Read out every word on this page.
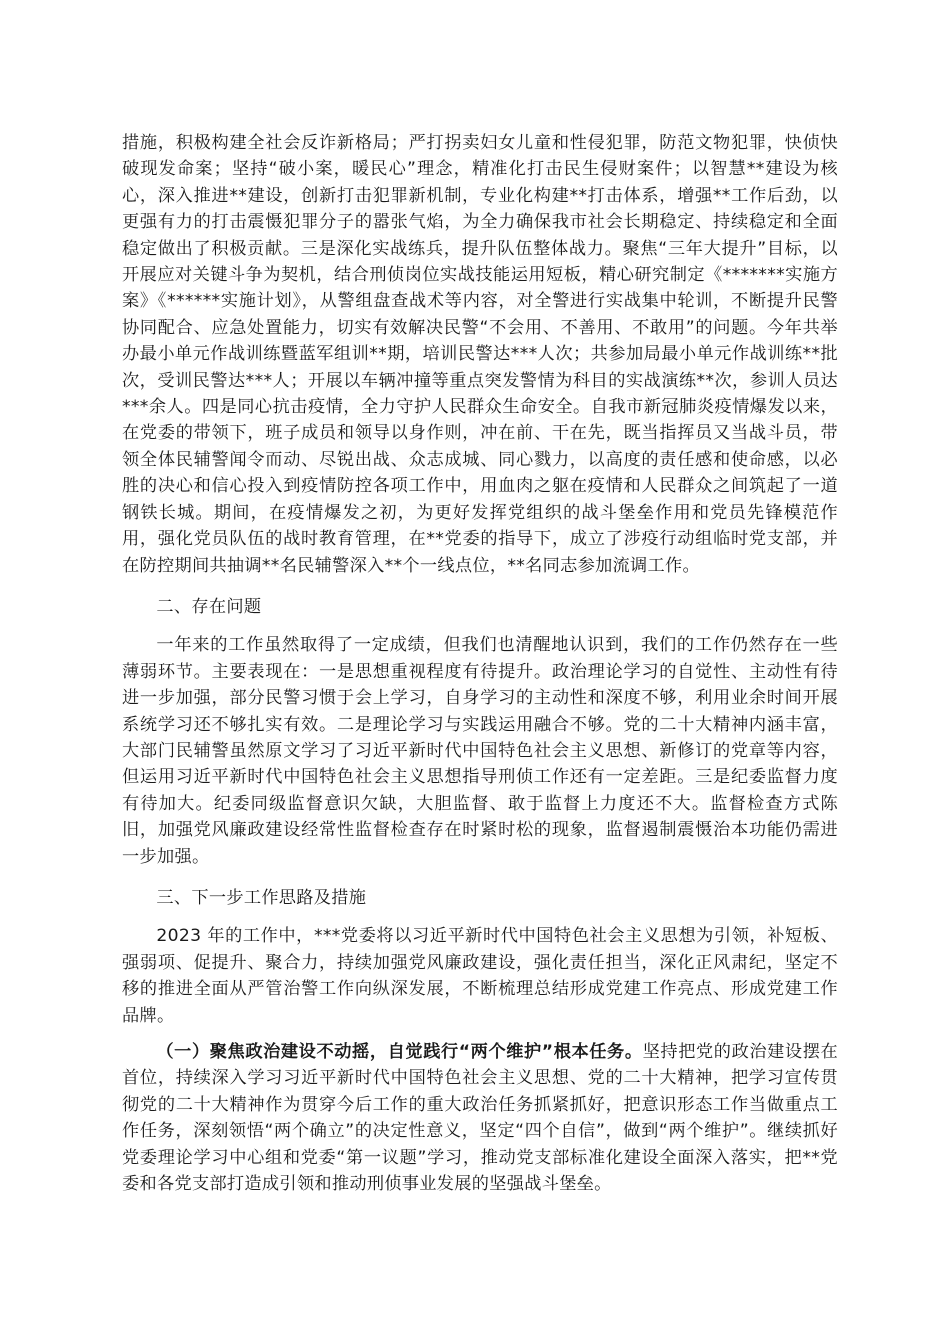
措施，积极构建全社会反诈新格局；严打拐卖妇女儿童和性侵犯罪，防范文物犯罪，快侦快破现发命案；坚持“破小案，暖民心”理念，精准化打击民生侵财案件；以智慧**建设为核心，深入推进**建设，创新打击犯罪新机制，专业化构建**打击体系，增强**工作后劲，以更强有力的打击震慑犯罪分子的嚣张气焰，为全力确保我市社会长期稳定、持续稳定和全面稳定做出了积极贡献。三是深化实战练兵，提升队伍整体战力。聚焦“三年大提升”目标，以开展应对关键斗争为契机，结合刑侦岗位实战技能运用短板，精心研究制定《*******实施方案》《******实施计划》，从警组盘查战术等内容，对全警进行实战集中轮训，不断提升民警协同配合、应急处置能力，切实有效解决民警“不会用、不善用、不敢用”的问题。今年共举办最小单元作战训练暨蓝军组训**期，培训民警达***人次；共参加局最小单元作战训练**批次，受训民警达***人；开展以车辆冲撞等重点突发警情为科目的实战演练**次，参训人员达***余人。四是同心抗击疫情，全力守护人民群众生命安全。自我市新冠肺炎疫情爆发以来，在党委的带领下，班子成员和领导以身作则，冲在前、干在先，既当指挥员又当战斗员，带领全体民辅警闻令而动、尽锐出战、众志成城、同心戮力，以高度的责任感和使命感，以必胜的决心和信心投入到疫情防控各项工作中，用血肉之躯在疫情和人民群众之间筑起了一道钢铁长城。期间，在疫情爆发之初，为更好发挥党组织的战斗堡垒作用和党员先锋模范作用，强化党员队伍的战时教育管理，在**党委的指导下，成立了涉疫行动组临时党支部，并在防控期间共抽调**名民辅警深入**个一线点位，**名同志参加流调工作。

二、存在问题

一年来的工作虽然取得了一定成绩，但我们也清醒地认识到，我们的工作仍然存在一些薄弱环节。主要表现在：一是思想重视程度有待提升。政治理论学习的自觉性、主动性有待进一步加强，部分民警习惯于会上学习，自身学习的主动性和深度不够，利用业余时间开展系统学习还不够扎实有效。二是理论学习与实践运用融合不够。党的二十大精神内涵丰富，大部门民辅警虽然原文学习了习近平新时代中国特色社会主义思想、新修订的党章等内容，但运用习近平新时代中国特色社会主义思想指导刑侦工作还有一定差距。三是纪委监督力度有待加大。纪委同级监督意识欠缺，大胆监督、敢于监督上力度还不大。监督检查方式陈旧，加强党风廉政建设经常性监督检查存在时紧时松的现象，监督遏制震慑治本功能仍需进一步加强。

三、下一步工作思路及措施

2023 年的工作中，***党委将以习近平新时代中国特色社会主义思想为引领，补短板、强弱项、促提升、聚合力，持续加强党风廉政建设，强化责任担当，深化正风肃纪，坚定不移的推进全面从严管治警工作向纵深发展，不断梳理总结形成党建工作亮点、形成党建工作品牌。

（一）聚焦政治建设不动摇，自觉践行“两个维护”根本任务。坚持把党的政治建设摆在首位，持续深入学习习近平新时代中国特色社会主义思想、党的二十大精神，把学习宣传贯彻党的二十大精神作为贯穿今后工作的重大政治任务抓紧抓好，把意识形态工作当做重点工作任务，深刻领悟“两个确立”的决定性意义，坚定“四个自信”，做到“两个维护”。继续抓好党委理论学习中心组和党委“第一议题”学习，推动党支部标准化建设全面深入落实，把**党委和各党支部打造成引领和推动刑侦事业发展的坚强战斗堡垒。
